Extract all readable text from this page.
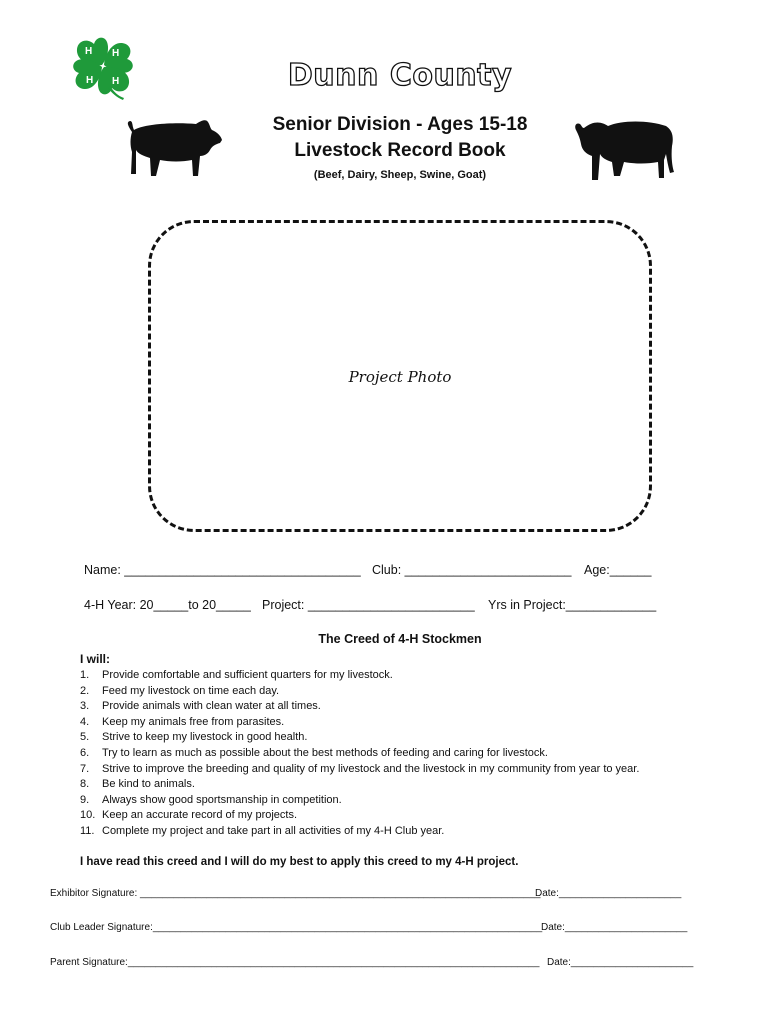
H H
H H	Dunn County
Senior Division - Ages 15-18
Livestock Record Book
(Beef, Dairy, Sheep, Swine, Goat)
Project Photo
Name: __________________________________ Club: ________________________ Age:______
4-H Year: 20_____to 20_____ Project: ________________________ Yrs in Project:_____________
The Creed of 4-H Stockmen
I will:
1. Provide comfortable and sufficient quarters for my livestock.
2. Feed my livestock on time each day.
3. Provide animals with clean water at all times.
4. Keep my animals free from parasites.
5. Strive to keep my livestock in good health.
6. Try to learn as much as possible about the best methods of feeding and caring for livestock.
7. Strive to improve the breeding and quality of my livestock and the livestock in my community from year to year.
8. Be kind to animals.
9. Always show good sportsmanship in competition.
10. Keep an accurate record of my projects.
11. Complete my project and take part in all activities of my 4-H Club year.
I have read this creed and I will do my best to apply this creed to my 4-H project.
Exhibitor Signature: ________________________________________________________________________
Date:______________________
Club Leader Signature:______________________________________________________________________
Date:______________________
Parent Signature:__________________________________________________________________________ Date:______________________
